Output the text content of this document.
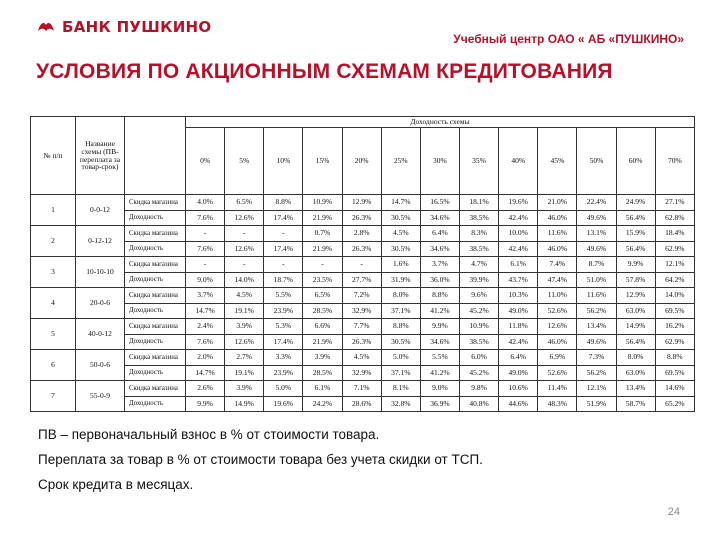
БАНК ПУШКИНО
Учебный центр ОАО « АБ «ПУШКИНО»
УСЛОВИЯ ПО АКЦИОННЫМ СХЕМАМ КРЕДИТОВАНИЯ
№ п/п	Название схемы (ПВ-переплата за товар-срок)		Доходность схемы												
			0%	5%	10%	15%	20%	25%	30%	35%	40%	45%	50%	60%	70%
1	0-0-12	Скидка магазина	4.0%	6.5%	8.8%	10.9%	12.9%	14.7%	16.5%	18.1%	19.6%	21.0%	22.4%	24.9%	27.1%
		Доходность	7.6%	12.6%	17.4%	21.9%	26.3%	30.5%	34.6%	38.5%	42.4%	46.0%	49.6%	56.4%	62.8%
2	0-12-12	Скидка магазина	-	-	-	0.7%	2.8%	4.5%	6.4%	8.3%	10.0%	11.6%	13.1%	15.9%	18.4%
		Доходность	7.6%	12.6%	17.4%	21.9%	26.3%	30.5%	34.6%	38.5%	42.4%	46.0%	49.6%	56.4%	62.9%
3	10-10-10	Скидка магазина	-	-	-	-	-	1.6%	3.7%	4.7%	6.1%	7.4%	8.7%	9.9%	12.1%
		Доходность	9.0%	14.0%	18.7%	23.5%	27.7%	31.9%	36.0%	39.9%	43.7%	47.4%	51.0%	57.8%	64.2%
4	20-0-6	Скидка магазина	3.7%	4.5%	5.5%	6.5%	7.2%	8.0%	8.8%	9.6%	10.3%	11.0%	11.6%	12.9%	14.0%
		Доходность	14.7%	19.1%	23.9%	28.5%	32.9%	37.1%	41.2%	45.2%	49.0%	52.6%	56.2%	63.0%	69.5%
5	40-0-12	Скидка магазина	2.4%	3.9%	5.3%	6.6%	7.7%	8.8%	9.9%	10.9%	11.8%	12.6%	13.4%	14.9%	16.2%
		Доходность	7.6%	12.6%	17.4%	21.9%	26.3%	30.5%	34.6%	38.5%	42.4%	46.0%	49.6%	56.4%	62.9%
6	50-0-6	Скидка магазина	2.0%	2.7%	3.3%	3.9%	4.5%	5.0%	5.5%	6.0%	6.4%	6.9%	7.3%	8.0%	8.8%
		Доходность	14.7%	19.1%	23.9%	28.5%	32.9%	37.1%	41.2%	45.2%	49.0%	52.6%	56.2%	63.0%	69.5%
7	55-0-9	Скидка магазина	2.6%	3.9%	5.0%	6.1%	7.1%	8.1%	9.0%	9.8%	10.6%	11.4%	12.1%	13.4%	14.6%
		Доходность	9.9%	14.9%	19.6%	24.2%	28.6%	32.8%	36.9%	40.8%	44.6%	48.3%	51.9%	58.7%	65.2%
ПВ – первоначальный взнос в % от стоимости товара.
Переплата за товар в % от стоимости товара без учета скидки от ТСП.
Срок кредита в месяцах.
24
